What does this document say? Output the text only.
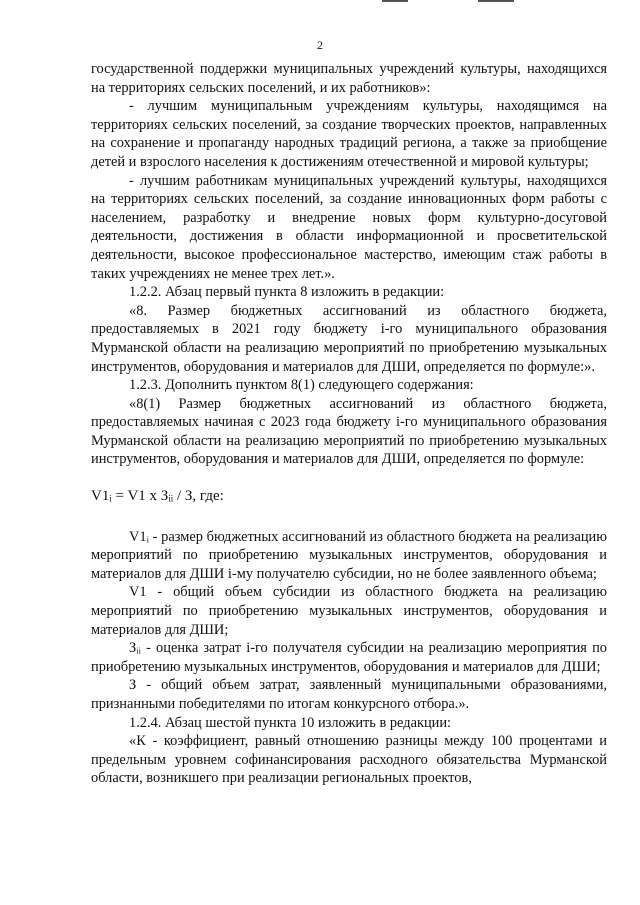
2

государственной поддержки муниципальных учреждений культуры, находящихся на территориях сельских поселений, и их работников»:

- лучшим муниципальным учреждениям культуры, находящимся на территориях сельских поселений, за создание творческих проектов, направленных на сохранение и пропаганду народных традиций региона, а также за приобщение детей и взрослого населения к достижениям отечественной и мировой культуры;

- лучшим работникам муниципальных учреждений культуры, находящихся на территориях сельских поселений, за создание инновационных форм работы с населением, разработку и внедрение новых форм культурно-досуговой деятельности, достижения в области информационной и просветительской деятельности, высокое профессиональное мастерство, имеющим стаж работы в таких учреждениях не менее трех лет.».

1.2.2. Абзац первый пункта 8 изложить в редакции:

«8. Размер бюджетных ассигнований из областного бюджета, предоставляемых в 2021 году бюджету i-го муниципального образования Мурманской области на реализацию мероприятий по приобретению музыкальных инструментов, оборудования и материалов для ДШИ, определяется по формуле:».

1.2.3. Дополнить пунктом 8(1) следующего содержания:

«8(1) Размер бюджетных ассигнований из областного бюджета, предоставляемых начиная с 2023 года бюджету i-го муниципального образования Мурманской области на реализацию мероприятий по приобретению музыкальных инструментов, оборудования и материалов для ДШИ, определяется по формуле:

V1ᵢ = V1 x Зᵢᵢ / З, где:

V1ᵢ - размер бюджетных ассигнований из областного бюджета на реализацию мероприятий по приобретению музыкальных инструментов, оборудования и материалов для ДШИ i-му получателю субсидии, но не более заявленного объема;

V1 - общий объем субсидии из областного бюджета на реализацию мероприятий по приобретению музыкальных инструментов, оборудования и материалов для ДШИ;

Зᵢᵢ - оценка затрат i-го получателя субсидии на реализацию мероприятия по приобретению музыкальных инструментов, оборудования и материалов для ДШИ;

З - общий объем затрат, заявленный муниципальными образованиями, признанными победителями по итогам конкурсного отбора.».

1.2.4. Абзац шестой пункта 10 изложить в редакции:

«К - коэффициент, равный отношению разницы между 100 процентами и предельным уровнем софинансирования расходного обязательства Мурманской области, возникшего при реализации региональных проектов,
